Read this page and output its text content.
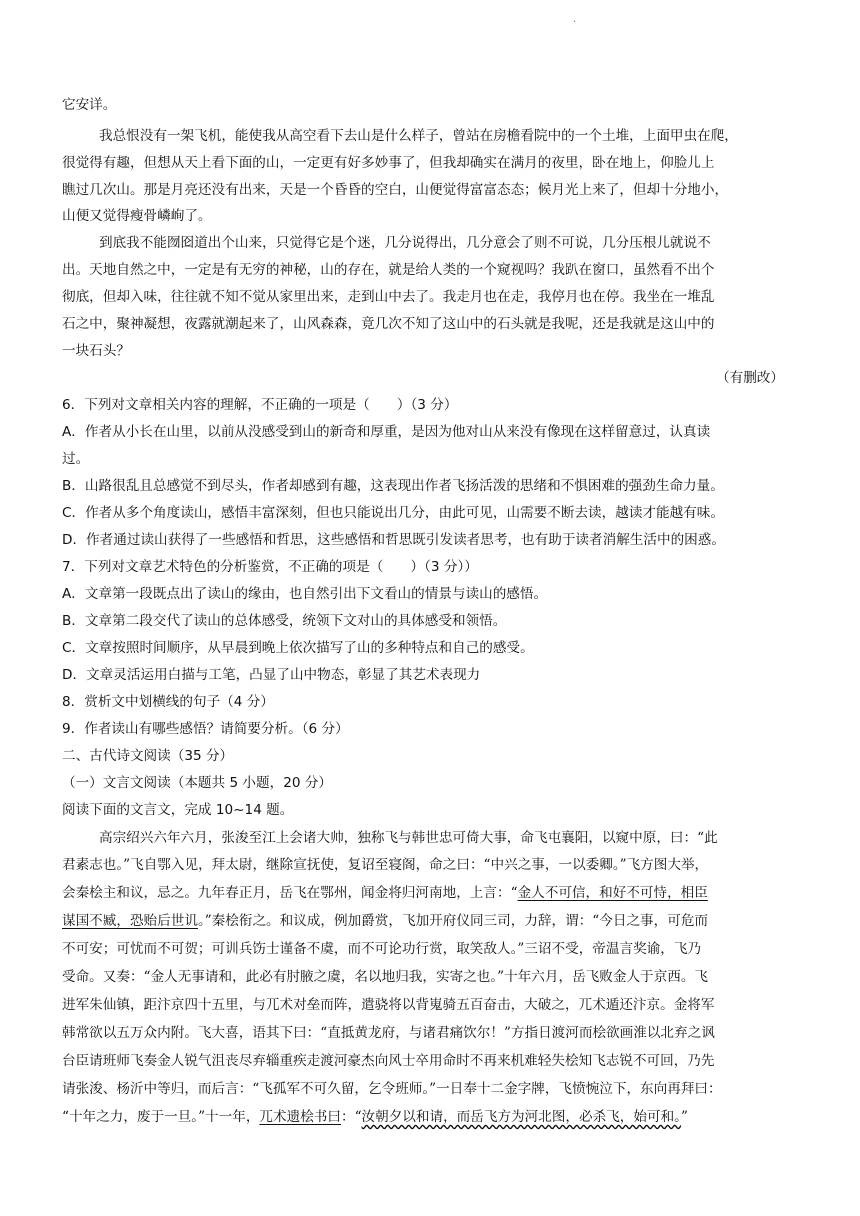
.
它安详。
我总恨没有一架飞机，能使我从高空看下去山是什么样子，曾站在房檐看院中的一个土堆，上面甲虫在爬，
很觉得有趣，但想从天上看下面的山，一定更有好多妙事了，但我却确实在满月的夜里，卧在地上，仰脸儿上
瞧过几次山。那是月亮还没有出来，天是一个昏昏的空白，山便觉得富富态态；候月光上来了，但却十分地小，
山便又觉得瘦骨嶙峋了。
到底我不能囫囵道出个山来，只觉得它是个迷，几分说得出，几分意会了则不可说，几分压根儿就说不
出。天地自然之中，一定是有无穷的神秘，山的存在，就是给人类的一个窥视吗？我趴在窗口，虽然看不出个
彻底，但却入味，往往就不知不觉从家里出来，走到山中去了。我走月也在走，我停月也在停。我坐在一堆乱
石之中，聚神凝想，夜露就潮起来了，山风森森，竟几次不知了这山中的石头就是我呢，还是我就是这山中的
一块石头？
（有删改）
6．下列对文章相关内容的理解，不正确的一项是（　　）（3 分）
A．作者从小长在山里，以前从没感受到山的新奇和厚重，是因为他对山从来没有像现在这样留意过，认真读
过。
B．山路很乱且总感觉不到尽头，作者却感到有趣，这表现出作者飞扬活泼的思绪和不惧困难的强劲生命力量。
C．作者从多个角度读山，感悟丰富深刻，但也只能说出几分，由此可见，山需要不断去读，越读才能越有味。
D．作者通过读山获得了一些感悟和哲思，这些感悟和哲思既引发读者思考，也有助于读者消解生活中的困惑。
7．下列对文章艺术特色的分析鉴赏，不正确的项是（　　）（3 分））
A．文章第一段既点出了读山的缘由，也自然引出下文看山的情景与读山的感悟。
B．文章第二段交代了读山的总体感受，统领下文对山的具体感受和领悟。
C．文章按照时间顺序，从早晨到晚上依次描写了山的多种特点和自己的感受。
D．文章灵活运用白描与工笔，凸显了山中物态，彰显了其艺术表现力
8．赏析文中划横线的句子（4 分）
9．作者读山有哪些感悟？请简要分析。（6 分）
二、古代诗文阅读（35 分）
（一）文言文阅读（本题共 5 小题，20 分）
阅读下面的文言文，完成 10~14 题。
高宗绍兴六年六月，张浚至江上会诸大帅，独称飞与韩世忠可倚大事，命飞屯襄阳，以窥中原，曰：“此
君素志也。”飞自鄂入见，拜太尉，继除宣抚使，复诏至寝阁，命之曰：“中兴之事，一以委卿。”飞方图大举，
会秦桧主和议，忌之。九年春正月，岳飞在鄂州，闻金将归河南地，上言：“金人不可信，和好不可恃，相臣
谋国不臧，恐贻后世讥。”秦桧衔之。和议成，例加爵赏，飞加开府仪同三司，力辞，谓：“今日之事，可危而
不可安；可忧而不可贺；可训兵饬士谨备不虞，而不可论功行赏，取笑敌人。”三诏不受，帝温言奖谕，飞乃
受命。又奏：“金人无事请和，此必有肘腋之虞，名以地归我，实寄之也。”十年六月，岳飞败金人于京西。飞
进军朱仙镇，距汴京四十五里，与兀术对垒而阵，遣骁将以背嵬骑五百奋击，大破之，兀术遁还汴京。金将军
韩常欲以五万众内附。飞大喜，语其下曰：“直抵黄龙府，与诸君痛饮尔！”方指日渡河而桧欲画淮以北弃之讽
台臣请班师飞奏金人锐气沮丧尽弃辎重疾走渡河豪杰向风士卒用命时不再来机难轻失桧知飞志锐不可回，乃先
请张浚、杨沂中等归，而后言：“飞孤军不可久留，乞令班师。”一日奉十二金字牌，飞愤惋泣下，东向再拜曰：
“十年之力，废于一旦。”十一年，兀术遗桧书曰：“汝朝夕以和请，而岳飞方为河北图，必杀飞，始可和。”
